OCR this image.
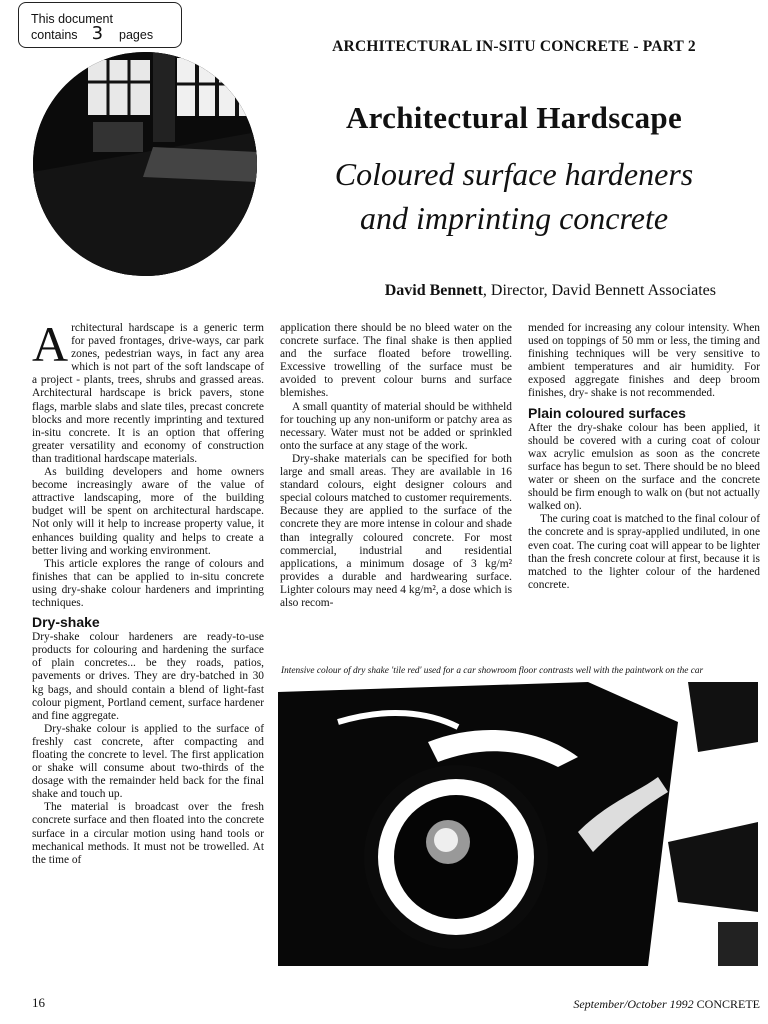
This document
contains 3 pages
ARCHITECTURAL IN-SITU CONCRETE - PART 2
Architectural Hardscape
Coloured surface hardeners
and imprinting concrete
David Bennett, Director, David Bennett Associates

Architectural hardscape is a generic term for paved frontages, drive-ways, car park zones, pedestrian ways, in fact any area which is not part of the soft landscape of a project - plants, trees, shrubs and grassed areas. Architectural hardscape is brick pavers, stone flags, marble slabs and slate tiles, precast concrete blocks and more recently imprinting and textured in-situ concrete. It is an option that offering greater versatility and economy of construction than traditional hardscape materials.

As building developers and home owners become increasingly aware of the value of attractive landscaping, more of the building budget will be spent on architectural hardscape. Not only will it help to increase property value, it enhances building quality and helps to create a better living and working environment.

This article explores the range of colours and finishes that can be applied to in-situ concrete using dry-shake colour hardeners and imprinting techniques.

Dry-shake

Dry-shake colour hardeners are ready-to-use products for colouring and hardening the surface of plain concretes... be they roads, patios, pavements or drives. They are dry-batched in 30 kg bags, and should contain a blend of light-fast colour pigment, Portland cement, surface hardener and fine aggregate.

Dry-shake colour is applied to the surface of freshly cast concrete, after compacting and floating the concrete to level. The first application or shake will consume about two-thirds of the dosage with the remainder held back for the final shake and touch up.

The material is broadcast over the fresh concrete surface and then floated into the concrete surface in a circular motion using hand tools or mechanical methods. It must not be trowelled. At the time of

application there should be no bleed water on the concrete surface. The final shake is then applied and the surface floated before trowelling. Excessive trowelling of the surface must be avoided to prevent colour burns and surface blemishes.

A small quantity of material should be withheld for touching up any non-uniform or patchy area as necessary. Water must not be added or sprinkled onto the surface at any stage of the work.

Dry-shake materials can be specified for both large and small areas. They are available in 16 standard colours, eight designer colours and special colours matched to customer requirements. Because they are applied to the surface of the concrete they are more intense in colour and shade than integrally coloured concrete. For most commercial, industrial and residential applications, a minimum dosage of 3 kg/m² provides a durable and hardwearing surface. Lighter colours may need 4 kg/m², a dose which is also recom-

mended for increasing any colour intensity. When used on toppings of 50 mm or less, the timing and finishing techniques will be very sensitive to ambient temperatures and air humidity. For exposed aggregate finishes and deep broom finishes, dry- shake is not recommended.

Plain coloured surfaces

After the dry-shake colour has been applied, it should be covered with a curing coat of colour wax acrylic emulsion as soon as the concrete surface has begun to set. There should be no bleed water or sheen on the surface and the concrete should be firm enough to walk on (but not actually walked on).

The curing coat is matched to the final colour of the concrete and is spray-applied undiluted, in one even coat. The curing coat will appear to be lighter than the fresh concrete colour at first, because it is matched to the lighter colour of the hardened concrete.

Intensive colour of dry shake 'tile red' used for a car showroom floor contrasts well with the paintwork on the car
16	September/October 1992 CONCRETE
